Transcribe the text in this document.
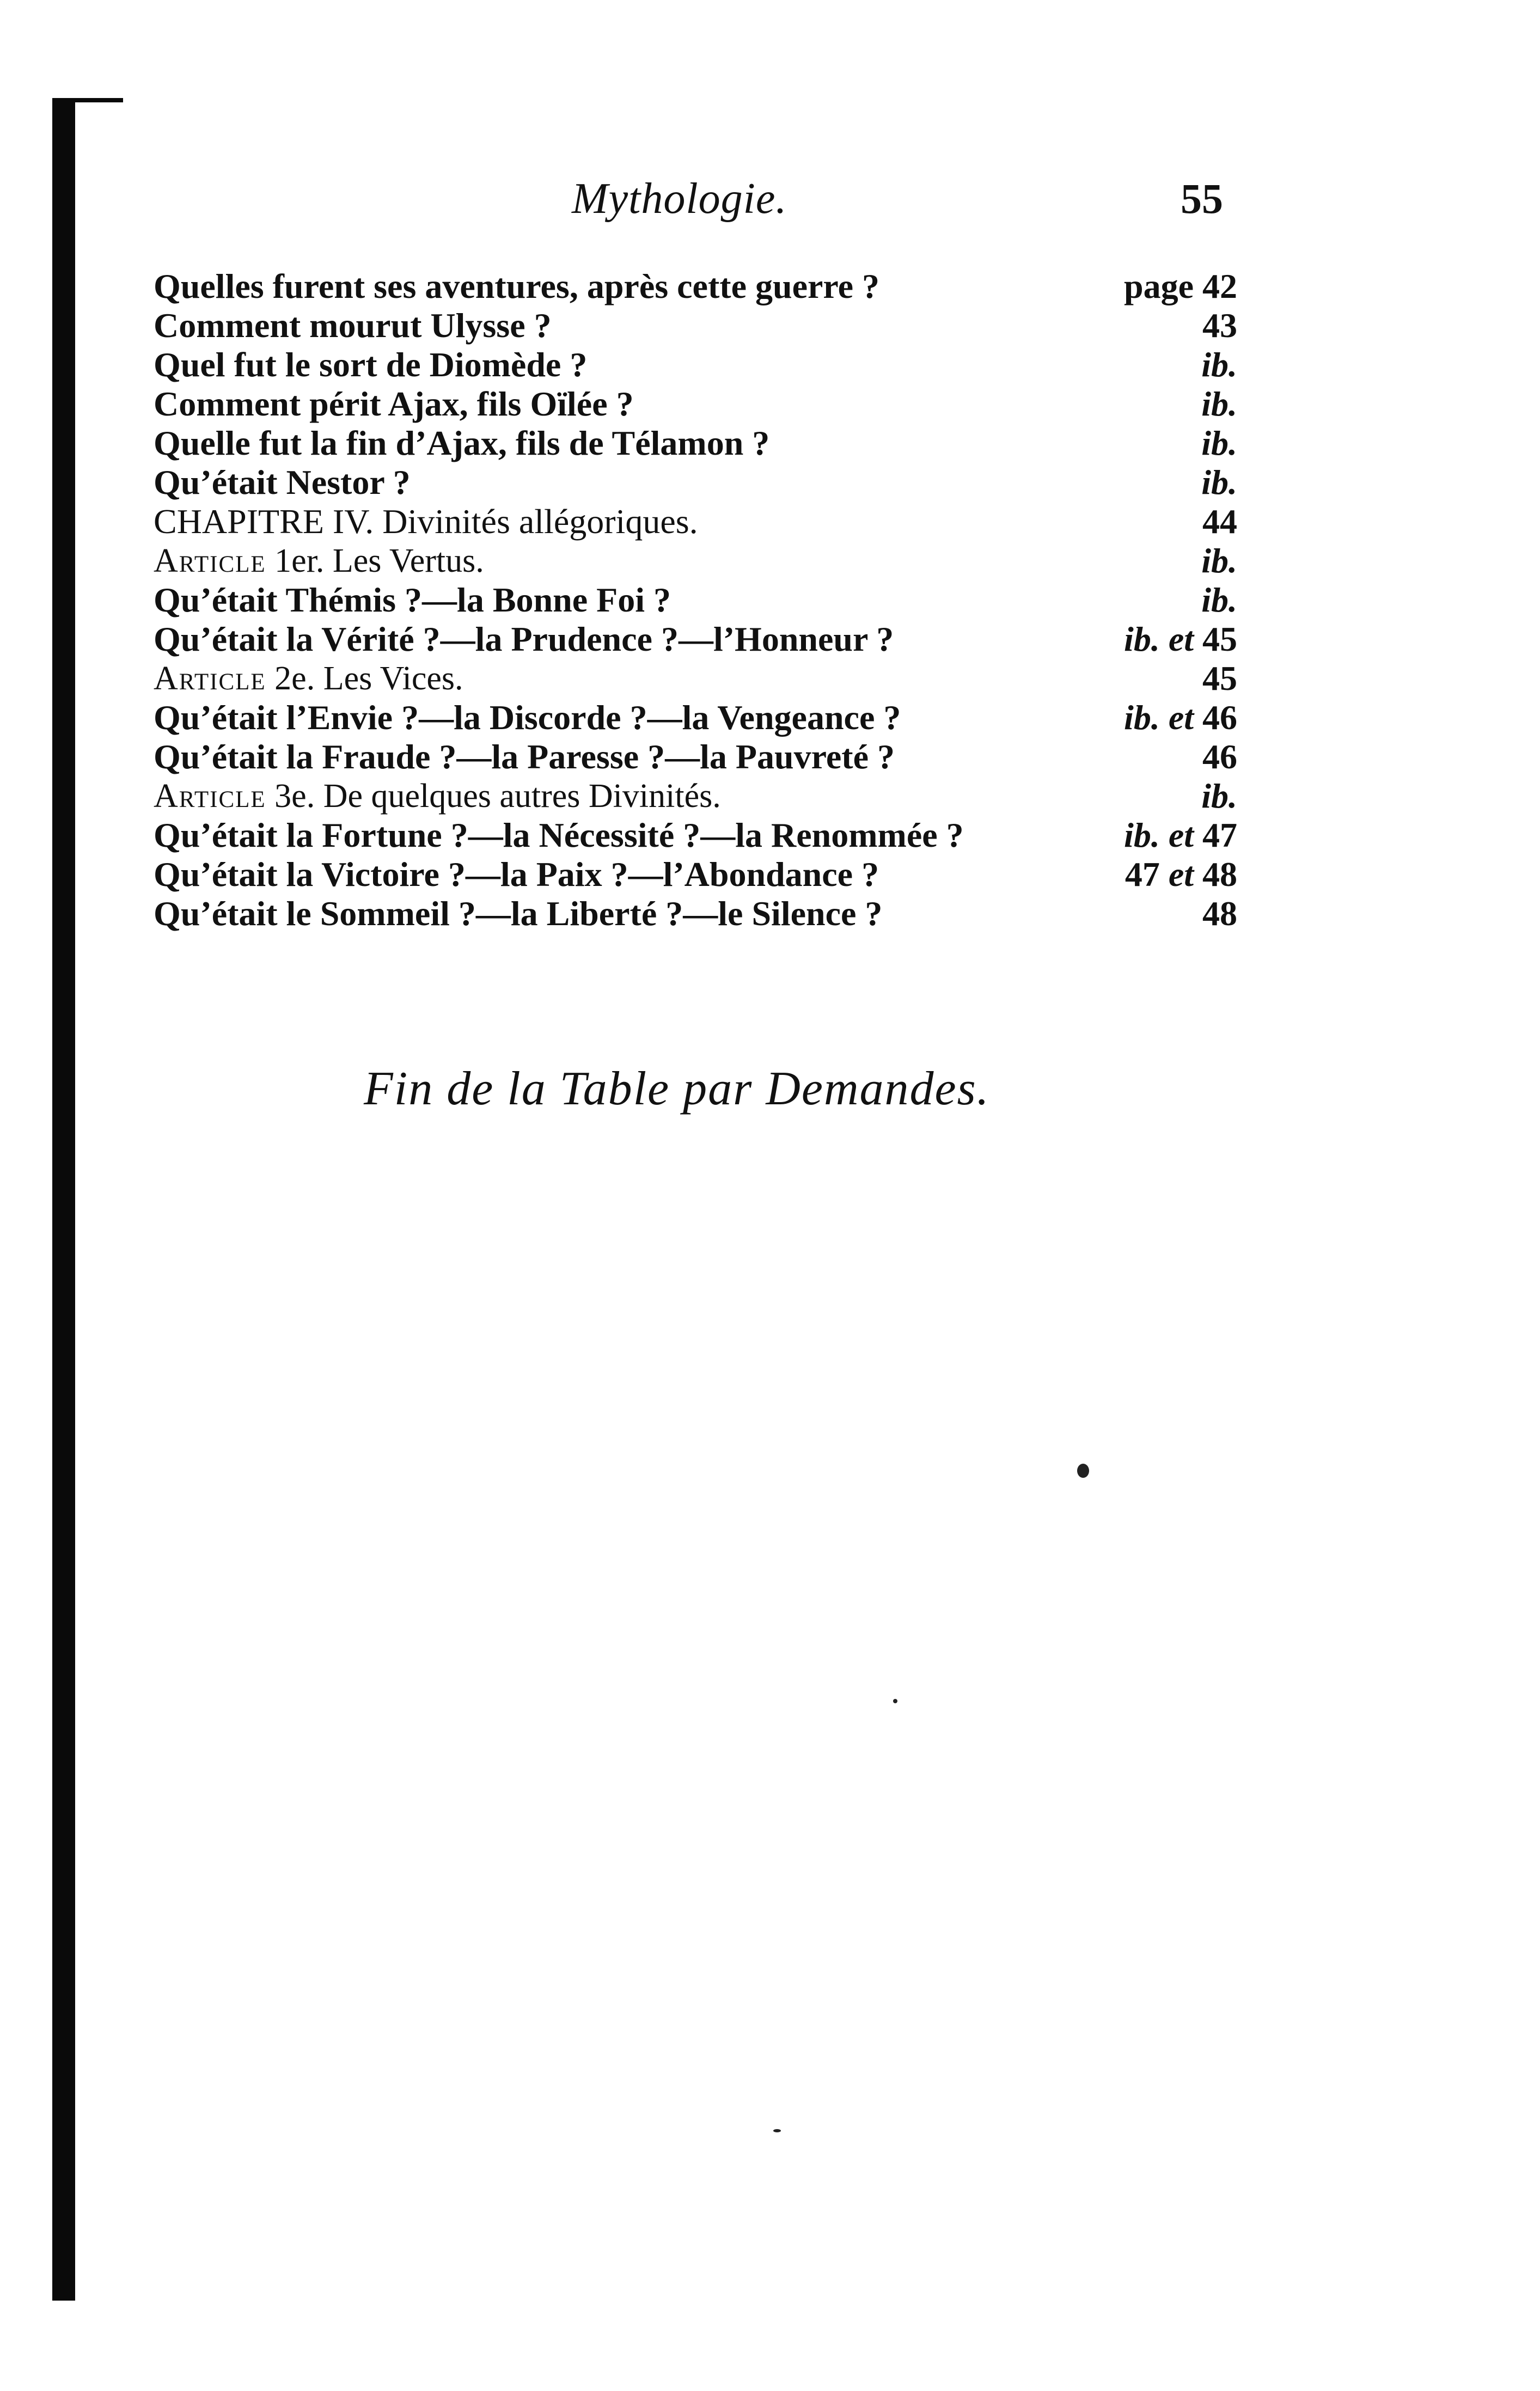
Mythologie.	55
Quelles furent ses aventures, après cette guerre ?	page 42
Comment mourut Ulysse ?	43
Quel fut le sort de Diomède ?	ib.
Comment périt Ajax, fils Oïlée ?	ib.
Quelle fut la fin d’Ajax, fils de Télamon ?	ib.
Qu’était Nestor ?	ib.
CHAPITRE IV. Divinités allégoriques.	44
Article 1er. Les Vertus.	ib.
Qu’était Thémis ?—la Bonne Foi ?	ib.
Qu’était la Vérité ?—la Prudence ?—l’Honneur ?	ib. et 45
Article 2e. Les Vices.	45
Qu’était l’Envie ?—la Discorde ?—la Vengeance ?	ib. et 46
Qu’était la Fraude ?—la Paresse ?—la Pauvreté ?	46
Article 3e. De quelques autres Divinités.	ib.
Qu’était la Fortune ?—la Nécessité ?—la Renommée ?	ib. et 47
Qu’était la Victoire ?—la Paix ?—l’Abondance ?	47 et 48
Qu’était le Sommeil ?—la Liberté ?—le Silence ?	48
Fin de la Table par Demandes.
